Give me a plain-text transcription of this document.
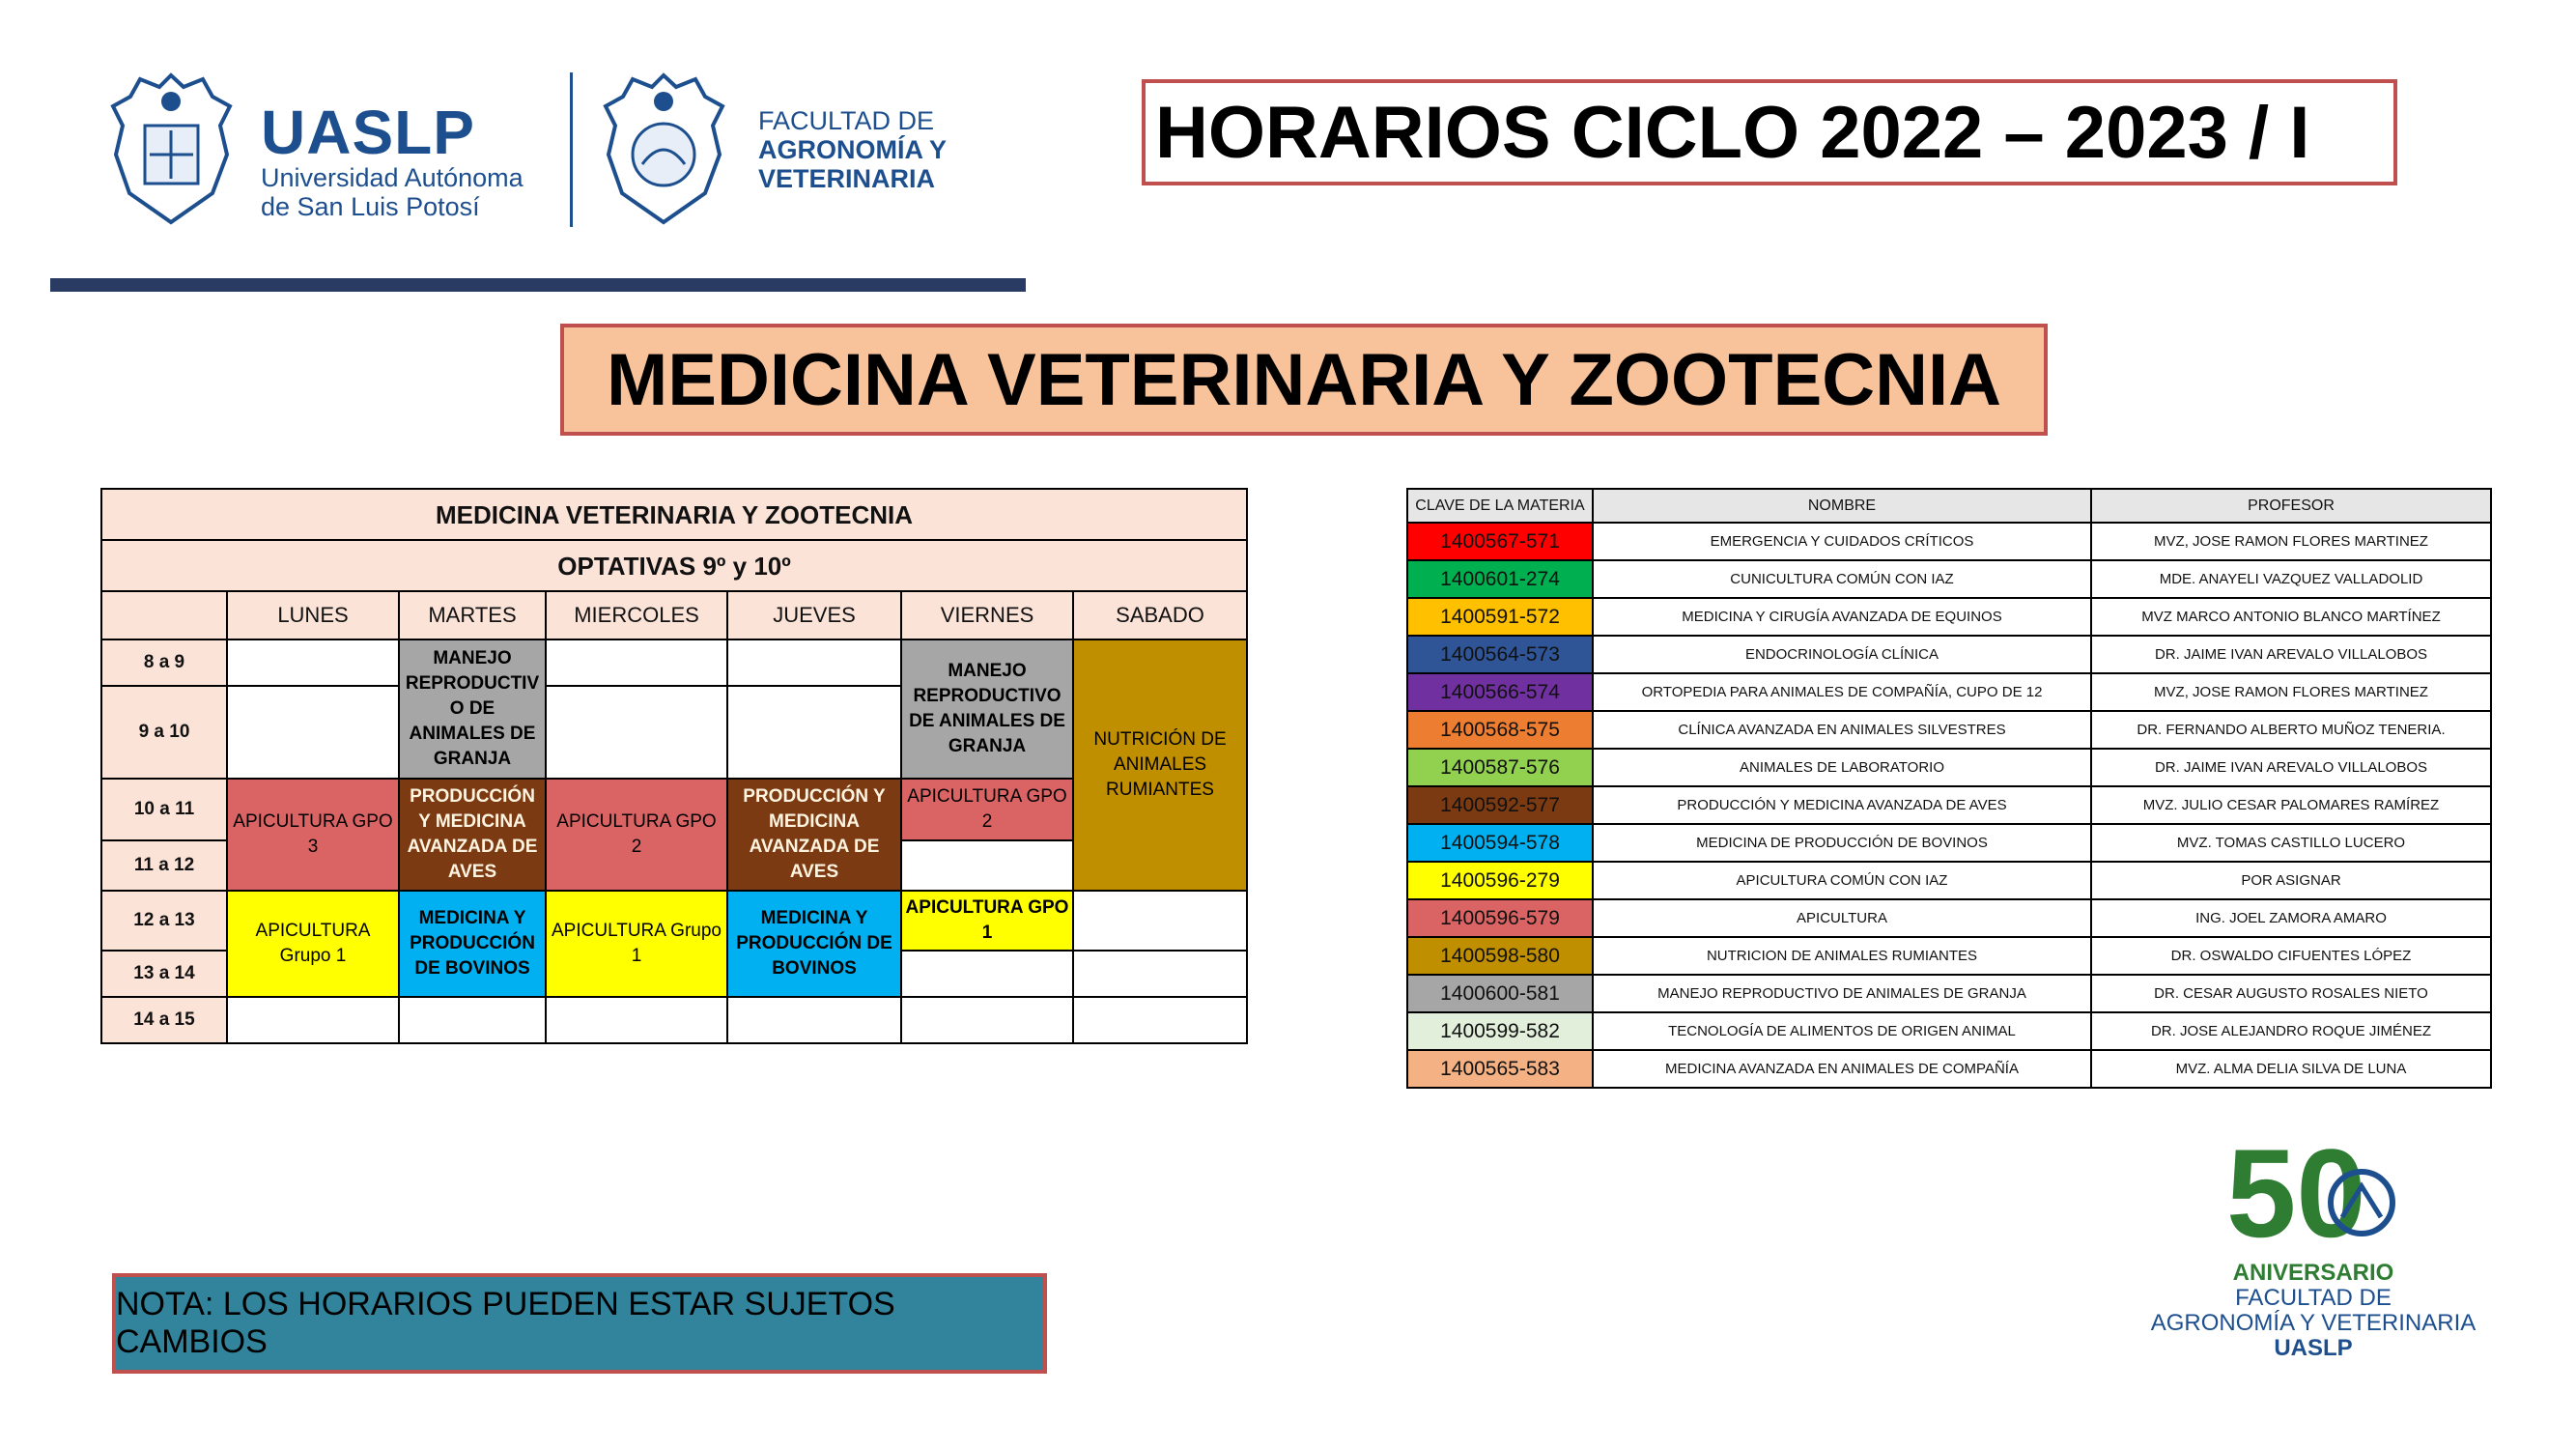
UASLP
Universidad Autónoma
de San Luis Potosí
FACULTAD DE
AGRONOMÍA Y
VETERINARIA
HORARIOS CICLO 2022 – 2023 / I
MEDICINA VETERINARIA Y ZOOTECNIA
MEDICINA VETERINARIA Y ZOOTECNIA						
OPTATIVAS 9º y 10º						
	LUNES	MARTES	MIERCOLES	JUEVES	VIERNES	SABADO
8 a 9		MANEJO REPRODUCTIV O DE ANIMALES DE GRANJA			MANEJO REPRODUCTIVO DE ANIMALES DE GRANJA	NUTRICIÓN DE ANIMALES RUMIANTES
9 a 10						
10 a 11	APICULTURA GPO 3	PRODUCCIÓN Y MEDICINA AVANZADA DE AVES	APICULTURA GPO 2	PRODUCCIÓN Y MEDICINA AVANZADA DE AVES	APICULTURA GPO 2	
11 a 12						
12 a 13	APICULTURA Grupo 1	MEDICINA Y PRODUCCIÓN DE BOVINOS	APICULTURA Grupo 1	MEDICINA Y PRODUCCIÓN DE BOVINOS	APICULTURA GPO 1	
13 a 14						
14 a 15						
CLAVE DE LA MATERIA	NOMBRE	PROFESOR
1400567-571	EMERGENCIA Y CUIDADOS CRÍTICOS	MVZ, JOSE RAMON FLORES MARTINEZ
1400601-274	CUNICULTURA COMÚN CON IAZ	MDE. ANAYELI VAZQUEZ VALLADOLID
1400591-572	MEDICINA Y CIRUGÍA AVANZADA DE EQUINOS	MVZ MARCO ANTONIO BLANCO MARTÍNEZ
1400564-573	ENDOCRINOLOGÍA CLÍNICA	DR. JAIME IVAN AREVALO VILLALOBOS
1400566-574	ORTOPEDIA PARA ANIMALES DE COMPAÑÍA, CUPO DE 12	MVZ, JOSE RAMON FLORES MARTINEZ
1400568-575	CLÍNICA AVANZADA EN ANIMALES SILVESTRES	DR. FERNANDO ALBERTO MUÑOZ TENERIA.
1400587-576	ANIMALES DE LABORATORIO	DR. JAIME IVAN AREVALO VILLALOBOS
1400592-577	PRODUCCIÓN Y MEDICINA AVANZADA DE AVES	MVZ. JULIO CESAR PALOMARES RAMÍREZ
1400594-578	MEDICINA DE PRODUCCIÓN DE BOVINOS	MVZ. TOMAS CASTILLO LUCERO
1400596-279	APICULTURA COMÚN CON IAZ	POR ASIGNAR
1400596-579	APICULTURA	ING. JOEL ZAMORA AMARO
1400598-580	NUTRICION DE ANIMALES RUMIANTES	DR. OSWALDO CIFUENTES LÓPEZ
1400600-581	MANEJO REPRODUCTIVO DE ANIMALES DE GRANJA	DR. CESAR AUGUSTO ROSALES NIETO
1400599-582	TECNOLOGÍA DE ALIMENTOS DE ORIGEN ANIMAL	DR. JOSE ALEJANDRO ROQUE JIMÉNEZ
1400565-583	MEDICINA AVANZADA EN ANIMALES DE COMPAÑÍA	MVZ. ALMA DELIA SILVA DE LUNA
50
ANIVERSARIO
FACULTAD DE
AGRONOMÍA Y VETERINARIA
UASLP
NOTA: LOS HORARIOS PUEDEN ESTAR SUJETOS CAMBIOS
